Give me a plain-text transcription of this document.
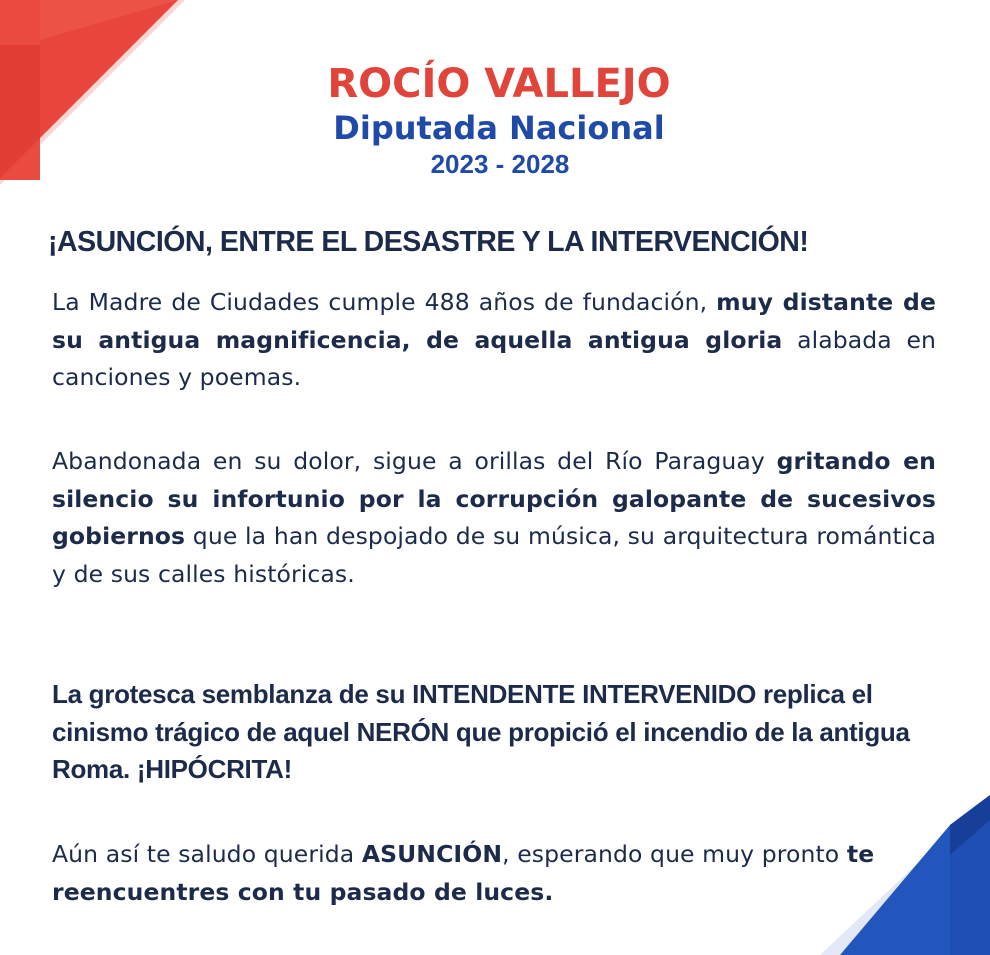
ROCÍO VALLEJO
Diputada Nacional
2023 - 2028
¡ASUNCIÓN, ENTRE EL DESASTRE Y LA INTERVENCIÓN!
La Madre de Ciudades cumple 488 años de fundación, muy distante de su antigua magnificencia, de aquella antigua gloria alabada en canciones y poemas.
Abandonada en su dolor, sigue a orillas del Río Paraguay gritando en silencio su infortunio por la corrupción galopante de sucesivos gobiernos que la han despojado de su música, su arquitectura romántica y de sus calles históricas.
La grotesca semblanza de su INTENDENTE INTERVENIDO replica el cinismo trágico de aquel NERÓN que propició el incendio de la antigua Roma. ¡HIPÓCRITA!
Aún así te saludo querida ASUNCIÓN, esperando que muy pronto te reencuentres con tu pasado de luces.
